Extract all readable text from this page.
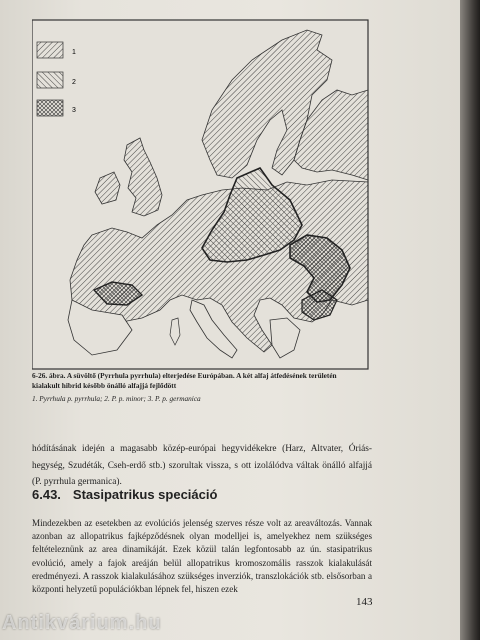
1
2
3
6-26. ábra. A süvöltő (Pyrrhula pyrrhula) elterjedése Európában. A két alfaj átfedésének területén kialakult hibrid később önálló alfajjá fejlődött
1. Pyrrhula p. pyrrhula; 2. P. p. minor; 3. P. p. germanica
hódításának idején a magasabb közép-európai hegyvidékekre (Harz, Altvater, Óriás-hegység, Szudéták, Cseh-erdő stb.) szorultak vissza, s ott izolálódva váltak önálló alfajjá (P. pyrrhula germanica).
6.43. Stasipatrikus speciáció
Mindezekben az esetekben az evolúciós jelenség szerves része volt az areaváltozás. Vannak azonban az allopatrikus fajképződésnek olyan modelljei is, amelyekhez nem szükséges feltételeznünk az area dinamikáját. Ezek közül talán legfontosabb az ún. stasipatrikus evolúció, amely a fajok areáján belül allopatrikus kromoszomális rasszok kialakulását eredményezi. A rasszok kialakulásához szükséges inverziók, transzlokációk stb. elsősorban a központi helyzetű populációkban lépnek fel, hiszen ezek
143
Antikvárium.hu
